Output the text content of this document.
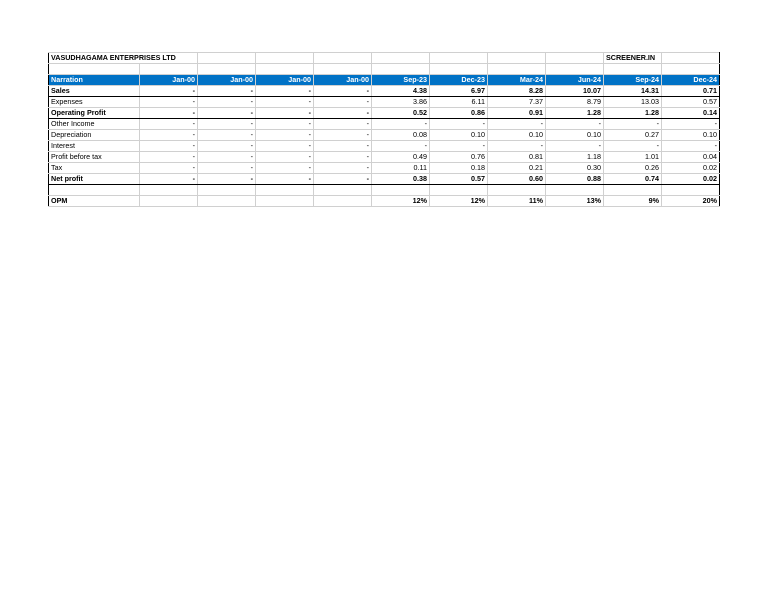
VASUDHAGAMA ENTERPRISES LTD									SCREENER.IN	

Narration	Jan-00	Jan-00	Jan-00	Jan-00	Sep-23	Dec-23	Mar-24	Jun-24	Sep-24	Dec-24
Sales	-	-	-	-	4.38	6.97	8.28	10.07	14.31	0.71
Expenses	-	-	-	-	3.86	6.11	7.37	8.79	13.03	0.57
Operating Profit	-	-	-	-	0.52	0.86	0.91	1.28	1.28	0.14
Other Income	-	-	-	-	-	-	-	-	-	-
Depreciation	-	-	-	-	0.08	0.10	0.10	0.10	0.27	0.10
Interest	-	-	-	-	-	-	-	-	-	-
Profit before tax	-	-	-	-	0.49	0.76	0.81	1.18	1.01	0.04
Tax	-	-	-	-	0.11	0.18	0.21	0.30	0.26	0.02
Net profit	-	-	-	-	0.38	0.57	0.60	0.88	0.74	0.02

OPM					12%	12%	11%	13%	9%	20%
